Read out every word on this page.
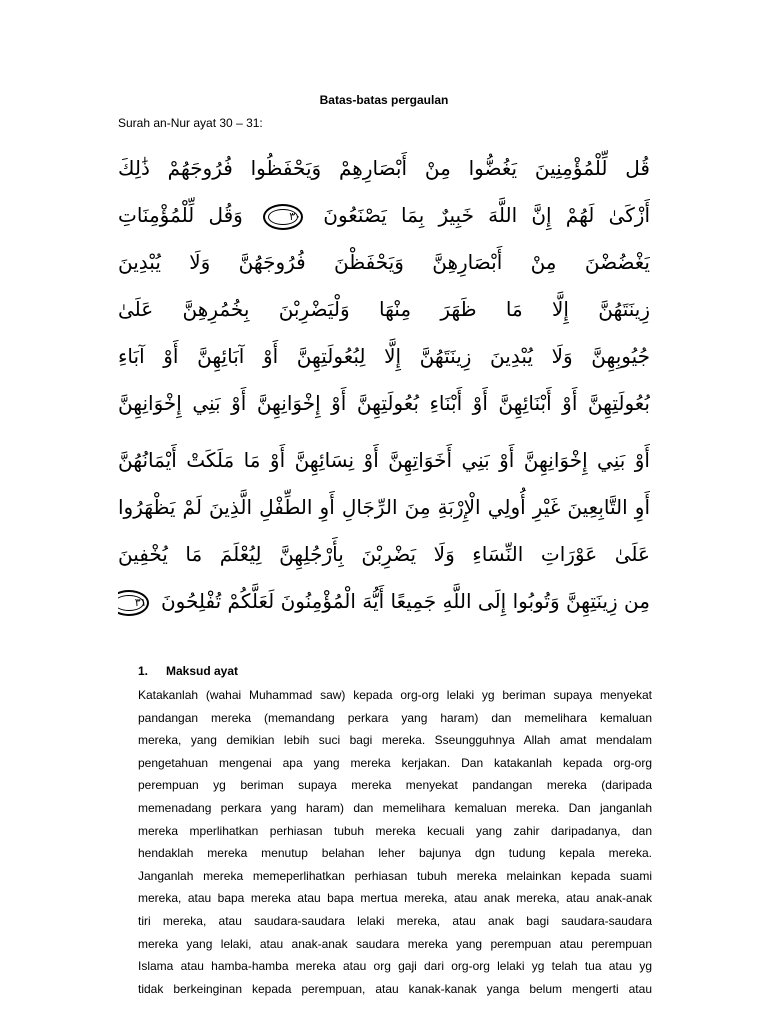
Batas-batas pergaulan
Surah an-Nur ayat 30 – 31:
قُل لِّلْمُؤْمِنِينَ يَغُضُّوا مِنْ أَبْصَارِهِمْ وَيَحْفَظُوا فُرُوجَهُمْ ذَٰلِكَ
أَزْكَىٰ لَهُمْ إِنَّ اللَّهَ خَبِيرٌ بِمَا يَصْنَعُونَ ٣٠ وَقُل لِّلْمُؤْمِنَاتِ
يَغْضُضْنَ مِنْ أَبْصَارِهِنَّ وَيَحْفَظْنَ فُرُوجَهُنَّ وَلَا يُبْدِينَ
زِينَتَهُنَّ إِلَّا مَا ظَهَرَ مِنْهَا وَلْيَضْرِبْنَ بِخُمُرِهِنَّ عَلَىٰ
جُيُوبِهِنَّ وَلَا يُبْدِينَ زِينَتَهُنَّ إِلَّا لِبُعُولَتِهِنَّ أَوْ آبَائِهِنَّ أَوْ آبَاءِ
بُعُولَتِهِنَّ أَوْ أَبْنَائِهِنَّ أَوْ أَبْنَاءِ بُعُولَتِهِنَّ أَوْ إِخْوَانِهِنَّ أَوْ بَنِي إِخْوَانِهِنَّ
أَوْ بَنِي إِخْوَانِهِنَّ أَوْ بَنِي أَخَوَاتِهِنَّ أَوْ نِسَائِهِنَّ أَوْ مَا مَلَكَتْ أَيْمَانُهُنَّ
أَوِ التَّابِعِينَ غَيْرِ أُولِي الْإِرْبَةِ مِنَ الرِّجَالِ أَوِ الطِّفْلِ الَّذِينَ لَمْ يَظْهَرُوا
عَلَىٰ عَوْرَاتِ النِّسَاءِ وَلَا يَضْرِبْنَ بِأَرْجُلِهِنَّ لِيُعْلَمَ مَا يُخْفِينَ
مِن زِينَتِهِنَّ وَتُوبُوا إِلَى اللَّهِ جَمِيعًا أَيُّهَ الْمُؤْمِنُونَ لَعَلَّكُمْ تُفْلِحُونَ ٣١
1. Maksud ayat
Katakanlah (wahai Muhammad saw) kepada org-org lelaki yg beriman supaya menyekat
pandangan mereka (memandang perkara yang haram) dan memelihara kemaluan
mereka, yang demikian lebih suci bagi mereka. Sseungguhnya Allah amat mendalam
pengetahuan mengenai apa yang mereka kerjakan. Dan katakanlah kepada org-org
perempuan yg beriman supaya mereka menyekat pandangan mereka (daripada
memenadang perkara yang haram) dan memelihara kemaluan mereka. Dan janganlah
mereka mperlihatkan perhiasan tubuh mereka kecuali yang zahir daripadanya, dan
hendaklah mereka menutup belahan leher bajunya dgn tudung kepala mereka.
Janganlah mereka memeperlihatkan perhiasan tubuh mereka melainkan kepada suami
mereka, atau bapa mereka atau bapa mertua mereka, atau anak mereka, atau anak-anak
tiri mereka, atau saudara-saudara lelaki mereka, atau anak bagi saudara-saudara
mereka yang lelaki, atau anak-anak saudara mereka yang perempuan atau perempuan
Islama atau hamba-hamba mereka atau org gaji dari org-org lelaki yg telah tua atau yg
tidak berkeinginan kepada perempuan, atau kanak-kanak yanga belum mengerti atau
